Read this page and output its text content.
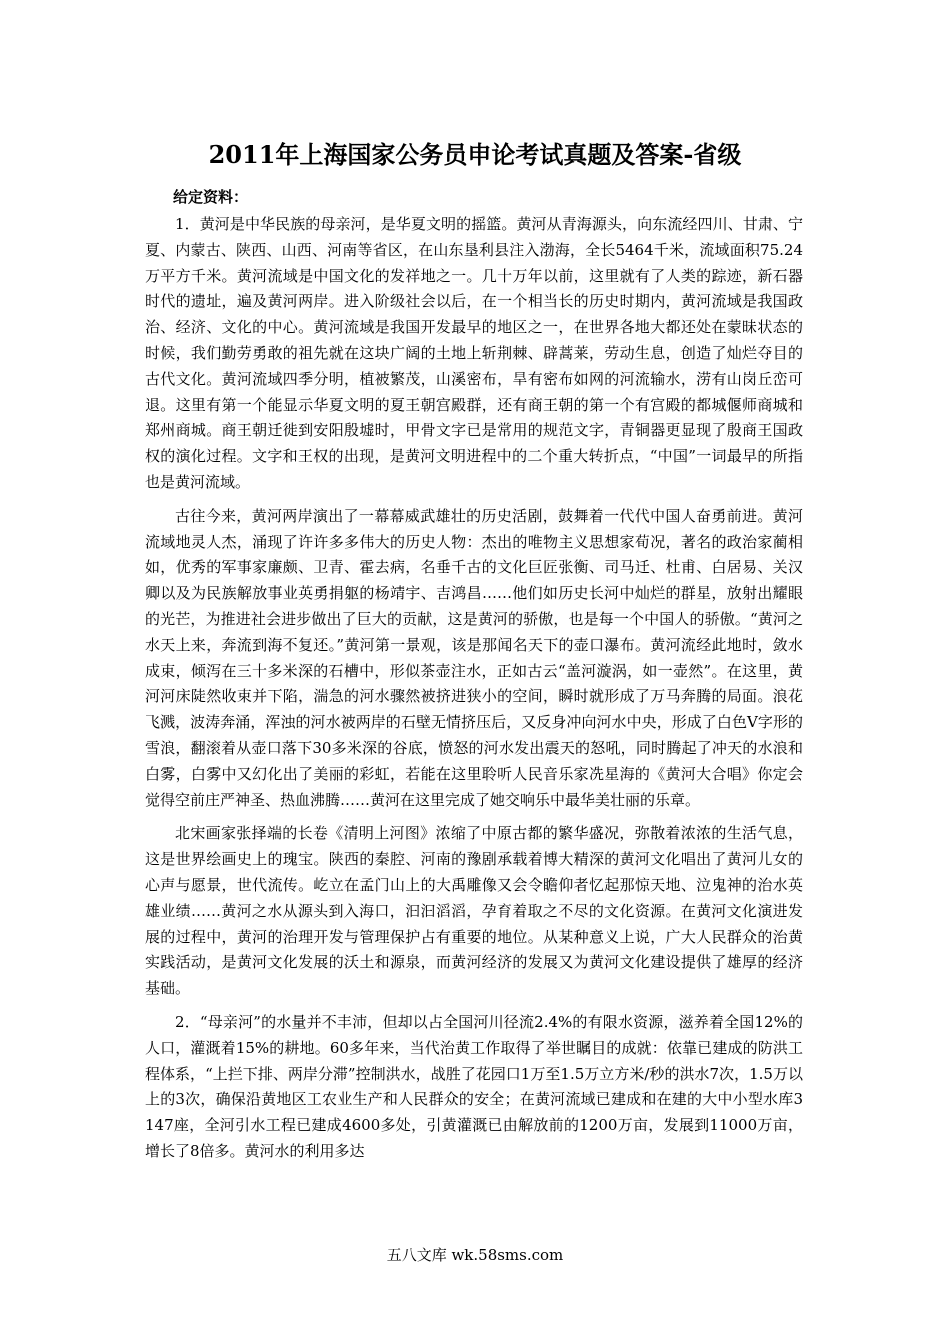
2011年上海国家公务员申论考试真题及答案-省级
给定资料：

1．黄河是中华民族的母亲河，是华夏文明的摇篮。黄河从青海源头，向东流经四川、甘肃、宁夏、内蒙古、陕西、山西、河南等省区，在山东垦利县注入渤海，全长5464千米，流域面积75.24万平方千米。黄河流域是中国文化的发祥地之一。几十万年以前，这里就有了人类的踪迹，新石器时代的遗址，遍及黄河两岸。进入阶级社会以后，在一个相当长的历史时期内，黄河流域是我国政治、经济、文化的中心。黄河流域是我国开发最早的地区之一，在世界各地大都还处在蒙昧状态的时候，我们勤劳勇敢的祖先就在这块广阔的土地上斩荆棘、辟蒿莱，劳动生息，创造了灿烂夺目的古代文化。黄河流域四季分明，植被繁茂，山溪密布，旱有密布如网的河流输水，涝有山岗丘峦可退。这里有第一个能显示华夏文明的夏王朝宫殿群，还有商王朝的第一个有宫殿的都城偃师商城和郑州商城。商王朝迁徙到安阳殷墟时，甲骨文字已是常用的规范文字，青铜器更显现了殷商王国政权的演化过程。文字和王权的出现，是黄河文明进程中的二个重大转折点，“中国”一词最早的所指也是黄河流域。

古往今来，黄河两岸演出了一幕幕威武雄壮的历史活剧，鼓舞着一代代中国人奋勇前进。黄河流域地灵人杰，涌现了许许多多伟大的历史人物：杰出的唯物主义思想家荀况，著名的政治家蔺相如，优秀的军事家廉颇、卫青、霍去病，名垂千古的文化巨匠张衡、司马迁、杜甫、白居易、关汉卿以及为民族解放事业英勇捐躯的杨靖宇、吉鸿昌……他们如历史长河中灿烂的群星，放射出耀眼的光芒，为推进社会进步做出了巨大的贡献，这是黄河的骄傲，也是每一个中国人的骄傲。“黄河之水天上来，奔流到海不复还。”黄河第一景观，该是那闻名天下的壶口瀑布。黄河流经此地时，敛水成束，倾泻在三十多米深的石槽中，形似茶壶注水，正如古云“盖河漩涡，如一壶然”。在这里，黄河河床陡然收束并下陷，湍急的河水骤然被挤进狭小的空间，瞬时就形成了万马奔腾的局面。浪花飞溅，波涛奔涌，浑浊的河水被两岸的石壁无情挤压后，又反身冲向河水中央，形成了白色V字形的雪浪，翻滚着从壶口落下30多米深的谷底，愤怒的河水发出震天的怒吼，同时腾起了冲天的水浪和白雾，白雾中又幻化出了美丽的彩虹，若能在这里聆听人民音乐家冼星海的《黄河大合唱》你定会觉得空前庄严神圣、热血沸腾……黄河在这里完成了她交响乐中最华美壮丽的乐章。

北宋画家张择端的长卷《清明上河图》浓缩了中原古都的繁华盛况，弥散着浓浓的生活气息，这是世界绘画史上的瑰宝。陕西的秦腔、河南的豫剧承载着博大精深的黄河文化唱出了黄河儿女的心声与愿景，世代流传。屹立在孟门山上的大禹雕像又会令瞻仰者忆起那惊天地、泣鬼神的治水英雄业绩……黄河之水从源头到入海口，汩汩滔滔，孕育着取之不尽的文化资源。在黄河文化演进发展的过程中，黄河的治理开发与管理保护占有重要的地位。从某种意义上说，广大人民群众的治黄实践活动，是黄河文化发展的沃土和源泉，而黄河经济的发展又为黄河文化建设提供了雄厚的经济基础。

2．“母亲河”的水量并不丰沛，但却以占全国河川径流2.4%的有限水资源，滋养着全国12%的人口，灌溉着15%的耕地。60多年来，当代治黄工作取得了举世瞩目的成就：依靠已建成的防洪工程体系，“上拦下排、两岸分滞”控制洪水，战胜了花园口1万至1.5万立方米/秒的洪水7次，1.5万以上的3次，确保沿黄地区工农业生产和人民群众的安全；在黄河流域已建成和在建的大中小型水库3147座，全河引水工程已建成4600多处，引黄灌溉已由解放前的1200万亩，发展到11000万亩，增长了8倍多。黄河水的利用多达

五八文库 wk.58sms.com
